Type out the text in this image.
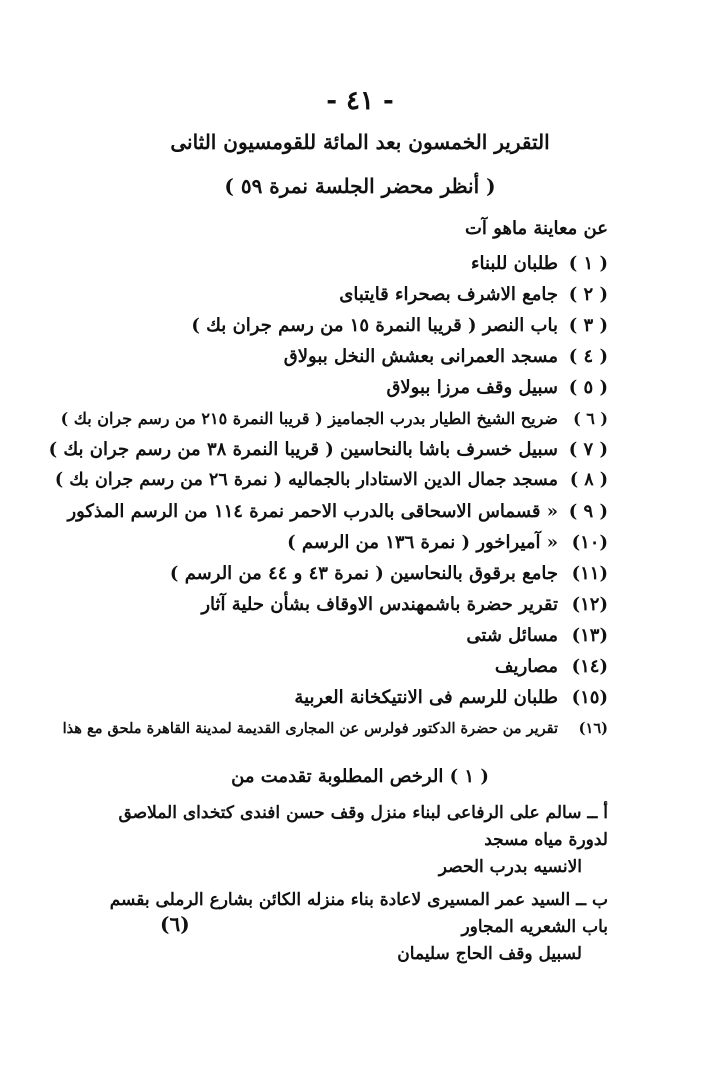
- ٤١ -
التقرير الخمسون بعد المائة للقومسيون الثانى
( أنظر محضر الجلسة نمرة ٥٩ )
عن معاينة ماهو آت
( ١ )
طلبان للبناء
( ٢ )
جامع الاشرف بصحراء قايتباى
( ٣ )
باب النصر ( قريبا النمرة ١٥ من رسم جران بك )
( ٤ )
مسجد العمرانى بعشش النخل ببولاق
( ٥ )
سبيل وقف مرزا ببولاق
( ٦ )
ضريح الشيخ الطيار بدرب الجماميز ( قريبا النمرة ٢١٥ من رسم جران بك )
( ٧ )
سبيل خسرف باشا بالنحاسين ( قريبا النمرة ٣٨ من رسم جران بك )
( ٨ )
مسجد جمال الدين الاستادار بالجماليه ( نمرة ٢٦ من رسم جران بك )
( ٩ )
« قسماس الاسحاقى بالدرب الاحمر نمرة ١١٤ من الرسم المذكور
(١٠)
« آميراخور ( نمرة ١٣٦ من الرسم )
(١١)
جامع برقوق بالنحاسين ( نمرة ٤٣ و ٤٤ من الرسم )
(١٢)
تقرير حضرة باشمهندس الاوقاف بشأن حلية آثار
(١٣)
مسائل شتى
(١٤)
مصاريف
(١٥)
طلبان للرسم فى الانتيكخانة العربية
(١٦)
تقرير من حضرة الدكتور فولرس عن المجارى القديمة لمدينة القاهرة ملحق مع هذا
( ١ ) الرخص المطلوبة تقدمت من
أ ــ سالم على الرفاعى لبناء منزل وقف حسن افندى كتخداى الملاصق لدورة مياه مسجد
الانسيه بدرب الحصر
ب ــ السيد عمر المسيرى لاعادة بناء منزله الكائن بشارع الرملى بقسم باب الشعريه المجاور
لسبيل وقف الحاج سليمان
(٦)
